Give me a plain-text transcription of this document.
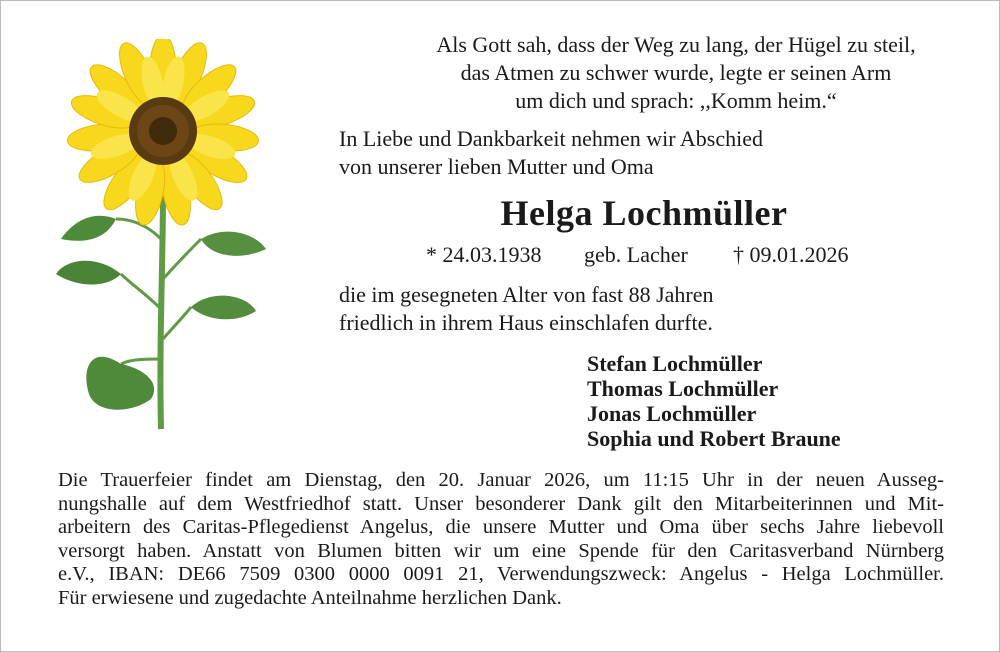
Als Gott sah, dass der Weg zu lang, der Hügel zu steil,
das Atmen zu schwer wurde, legte er seinen Arm
um dich und sprach: ,,Komm heim.“
In Liebe und Dankbarkeit nehmen wir Abschied
von unserer lieben Mutter und Oma
Helga Lochmüller
* 24.03.1938 geb. Lacher † 09.01.2026
die im gesegneten Alter von fast 88 Jahren
friedlich in ihrem Haus einschlafen durfte.
Stefan Lochmüller
Thomas Lochmüller
Jonas Lochmüller
Sophia und Robert Braune
Die Trauerfeier findet am Dienstag, den 20. Januar 2026, um 11:15 Uhr in der neuen Ausseg-
nungshalle auf dem Westfriedhof statt. Unser besonderer Dank gilt den Mitarbeiterinnen und Mit-
arbeitern des Caritas-Pflegedienst Angelus, die unsere Mutter und Oma über sechs Jahre liebevoll
versorgt haben. Anstatt von Blumen bitten wir um eine Spende für den Caritasverband Nürnberg
e.V., IBAN: DE66 7509 0300 0000 0091 21, Verwendungszweck: Angelus - Helga Lochmüller.
Für erwiesene und zugedachte Anteilnahme herzlichen Dank.
